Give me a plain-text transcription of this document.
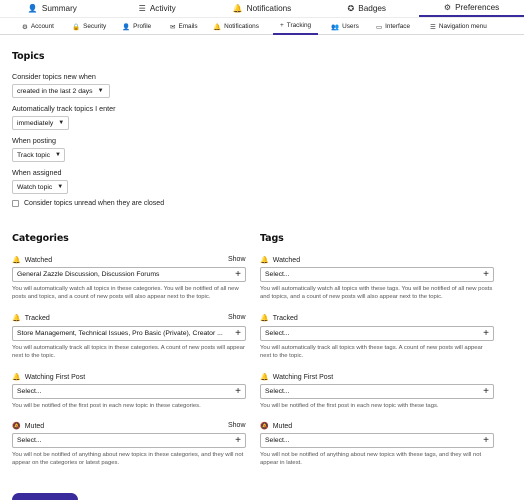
👤 Summary	☰ Activity	🔔 Notifications	✪ Badges	⚙ Preferences
⚙ Account	🔒 Security 👤 Profile	✉ Emails 🔔 Notifications	+ Tracking	👥 Users	▭ Interface	☰ Navigation menu
Topics
Consider topics new when
created in the last 2 days ▼
Automatically track topics I enter
immediately ▼
When posting
Track topic ▼
When assigned
Watch topic ▼
Consider topics unread when they are closed
Categories
🔔 Watched	Show
General Zazzle Discussion, Discussion Forums	+
You will automatically watch all topics in these categories. You will be notified of all new posts and topics, and a count of new posts will also appear next to the topic.
🔔 Tracked	Show
Store Management, Technical Issues, Pro Basic (Private), Creator ...	+
You will automatically track all topics in these categories. A count of new posts will appear next to the topic.
🔔 Watching First Post
Select...	+
You will be notified of the first post in each new topic in these categories.
🔕 Muted	Show
Select...	+
You will not be notified of anything about new topics in these categories, and they will not appear on the categories or latest pages.
Tags
🔔 Watched
Select...	+
You will automatically watch all topics with these tags. You will be notified of all new posts and topics, and a count of new posts will also appear next to the topic.
🔔 Tracked
Select...	+
You will automatically track all topics with these tags. A count of new posts will appear next to the topic.
🔔 Watching First Post
Select...	+
You will be notified of the first post in each new topic with these tags.
🔕 Muted
Select...	+
You will not be notified of anything about new topics with these tags, and they will not appear in latest.
